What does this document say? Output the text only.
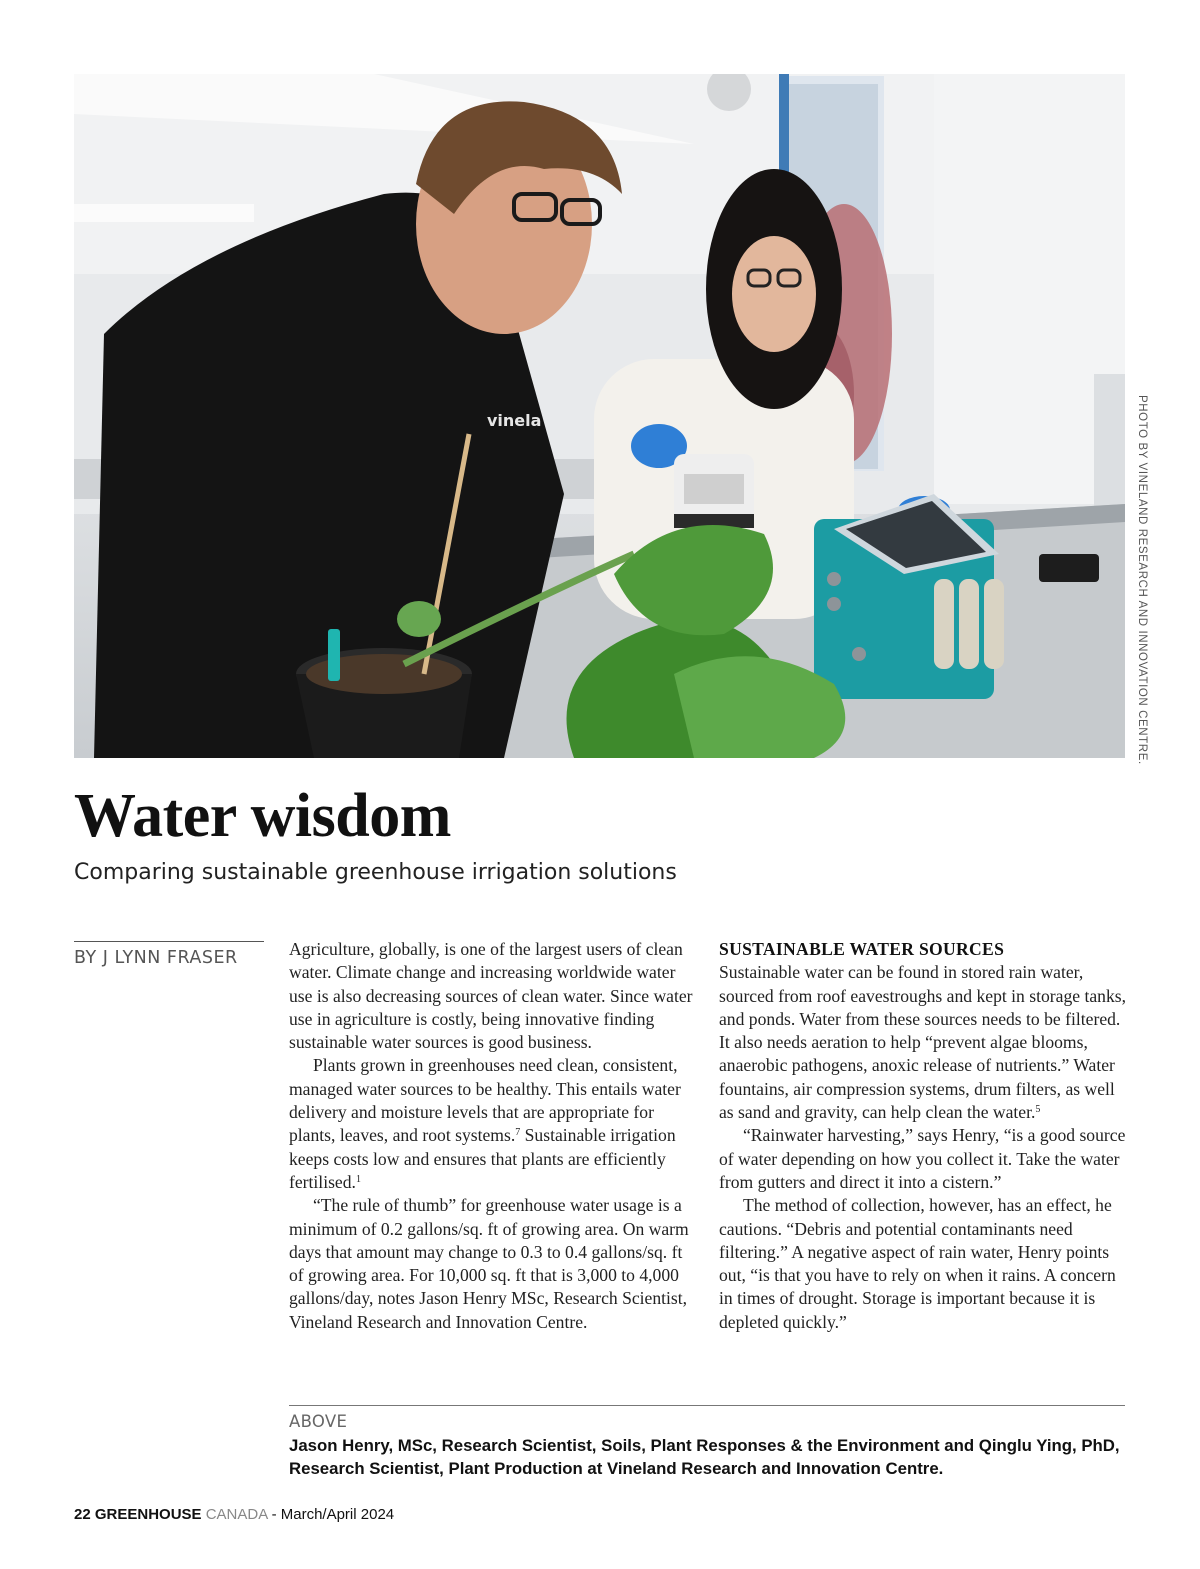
vinela	PHOTO BY VINELAND RESEARCH AND INNOVATION CENTRE.
Water wisdom
Comparing sustainable greenhouse irrigation solutions
BY J LYNN FRASER	Agriculture, globally, is one of the largest users of clean water. Climate change and increasing worldwide water use is also decreasing sources of clean water. Since water use in agriculture is costly, being innovative finding sustainable water sources is good business.

Plants grown in greenhouses need clean, consistent, managed water sources to be healthy. This entails water delivery and moisture levels that are appropriate for plants, leaves, and root systems.$^7$ Sustainable irrigation keeps costs low and ensures that plants are efficiently fertilised.$^1$

“The rule of thumb” for greenhouse water usage is a minimum of 0.2 gallons/sq. ft of growing area. On warm days that amount may change to 0.3 to 0.4 gallons/sq. ft of growing area. For 10,000 sq. ft that is 3,000 to 4,000 gallons/day, notes Jason Henry MSc, Research Scientist, Vineland Research and Innovation Centre.

SUSTAINABLE WATER SOURCES

Sustainable water can be found in stored rain water, sourced from roof eavestroughs and kept in storage tanks, and ponds. Water from these sources needs to be filtered. It also needs aeration to help “prevent algae blooms, anaerobic pathogens, anoxic release of nutrients.” Water fountains, air compression systems, drum filters, as well as sand and gravity, can help clean the water.$^5$

“Rainwater harvesting,” says Henry, “is a good source of water depending on how you collect it. Take the water from gutters and direct it into a cistern.”

The method of collection, however, has an effect, he cautions. “Debris and potential contaminants need filtering.” A negative aspect of rain water, Henry points out, “is that you have to rely on when it rains. A concern in times of drought. Storage is important because it is depleted quickly.”

ABOVE
Jason Henry, MSc, Research Scientist, Soils, Plant Responses & the Environment and Qinglu Ying, PhD, Research Scientist, Plant Production at Vineland Research and Innovation Centre.
22 GREENHOUSE CANADA - March/April 2024
